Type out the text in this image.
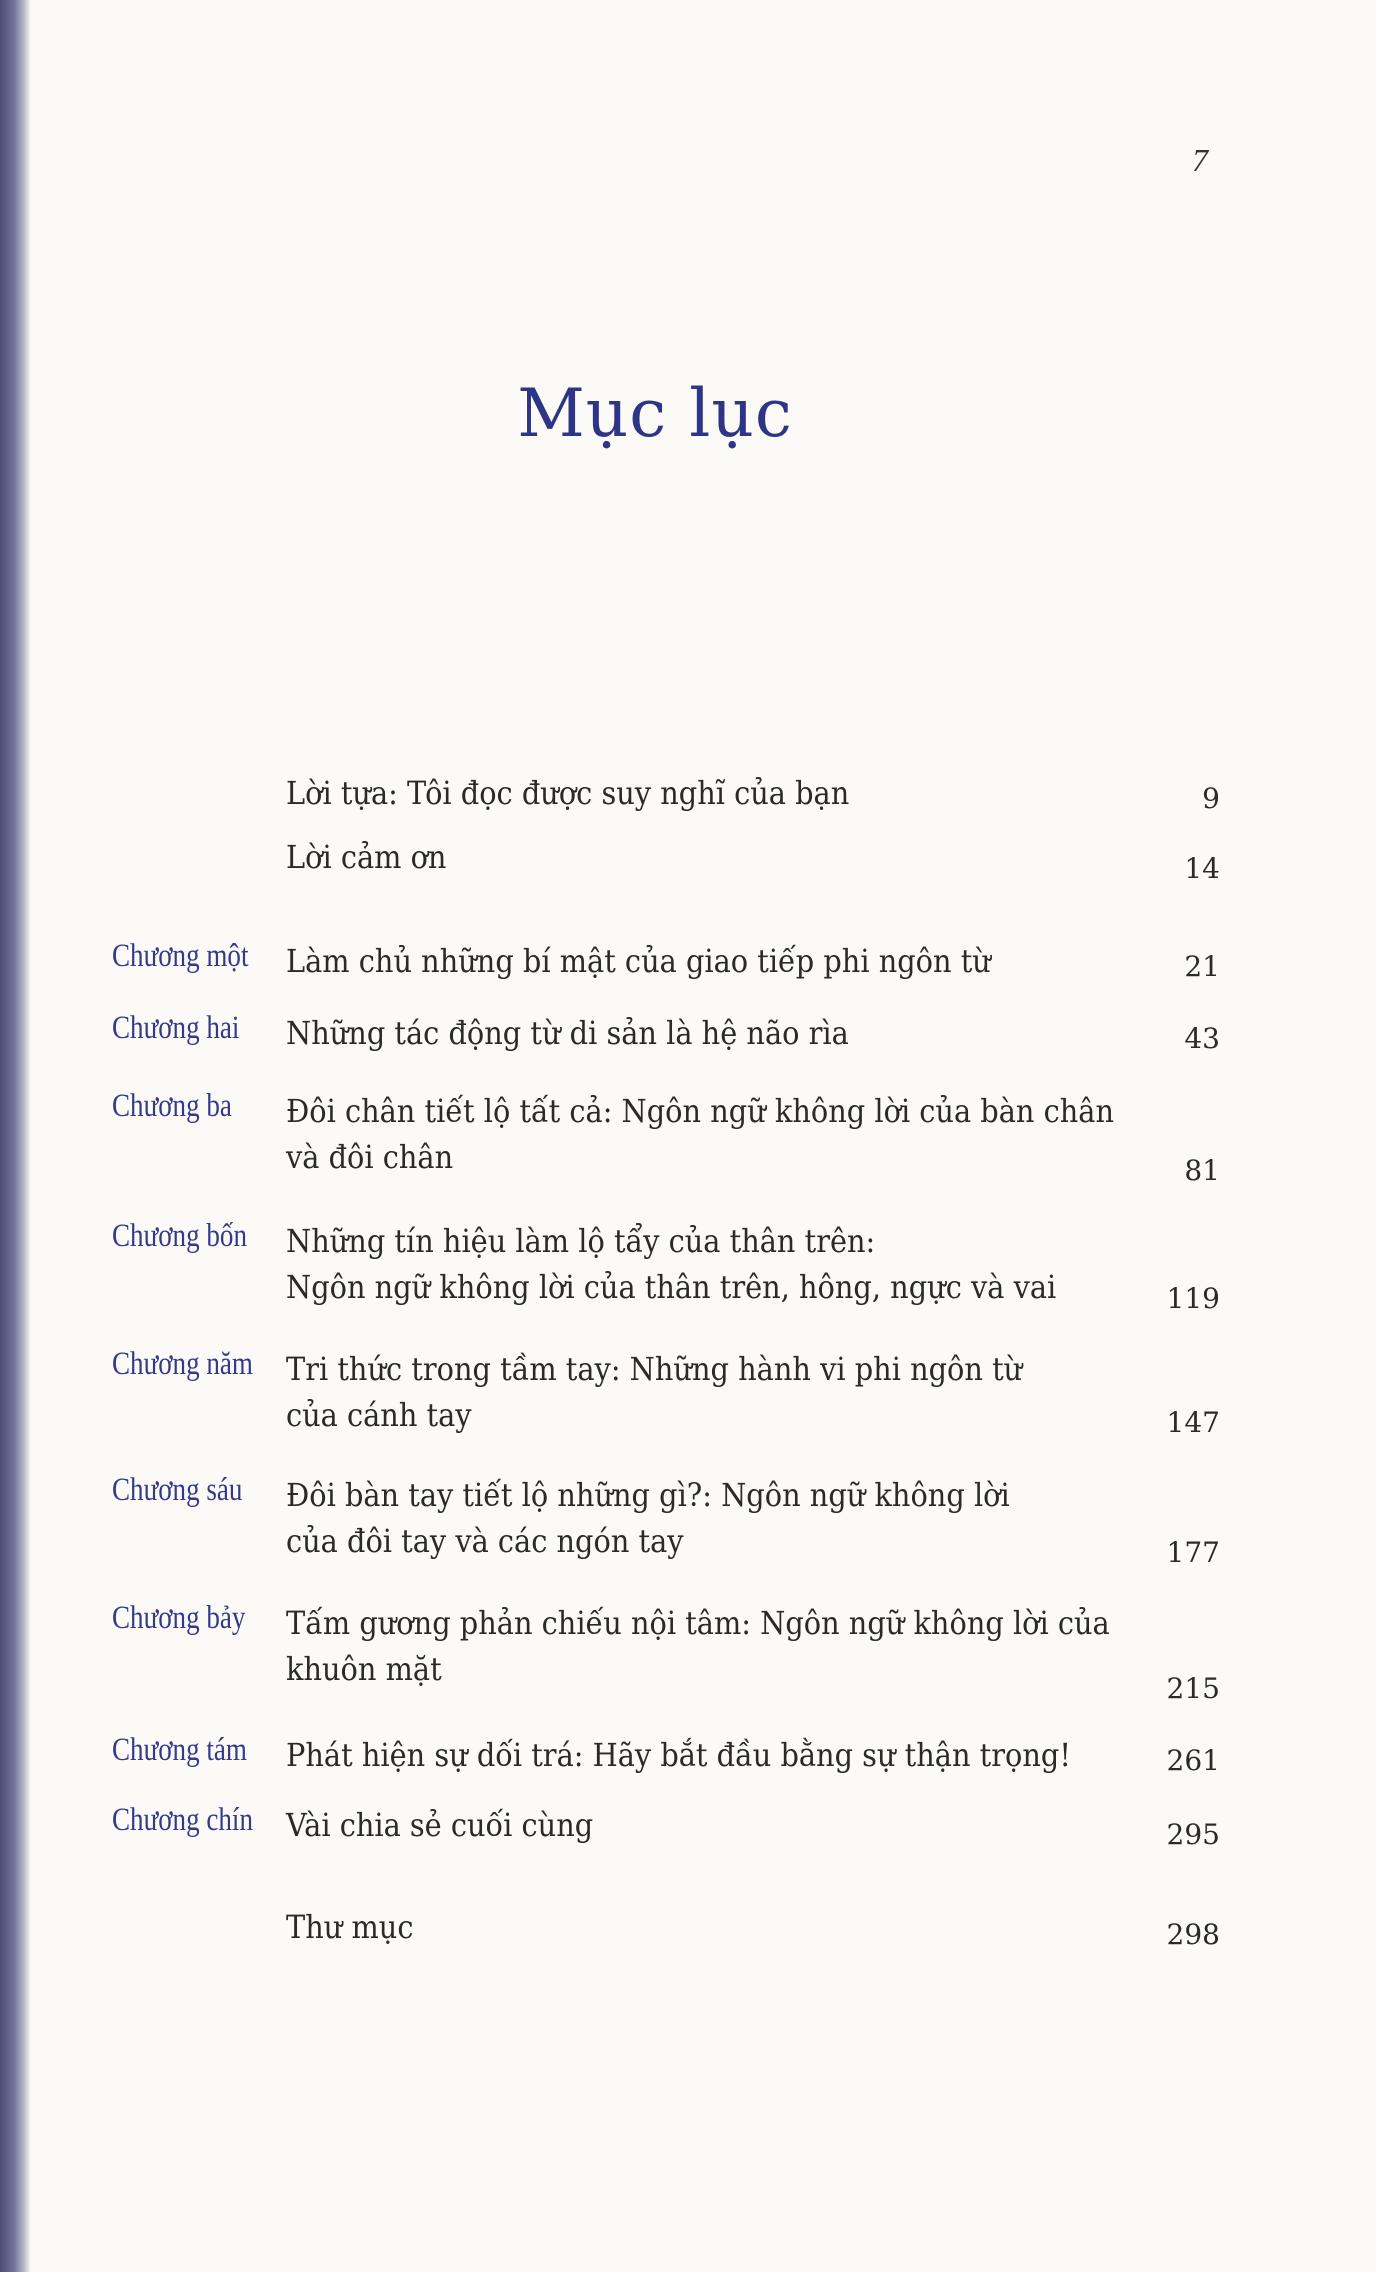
7
Mục lục
Lời tựa: Tôi đọc được suy nghĩ của bạn	9
Lời cảm ơn	14
Chương một Làm chủ những bí mật của giao tiếp phi ngôn từ	21
Chương hai Những tác động từ di sản là hệ não rìa	43
Chương ba Đôi chân tiết lộ tất cả: Ngôn ngữ không lời của bàn chân
và đôi chân	81
Chương bốn Những tín hiệu làm lộ tẩy của thân trên:
Ngôn ngữ không lời của thân trên, hông, ngực và vai	119
Chương năm Tri thức trong tầm tay: Những hành vi phi ngôn từ
của cánh tay	147
Chương sáu Đôi bàn tay tiết lộ những gì?: Ngôn ngữ không lời
của đôi tay và các ngón tay	177
Chương bảy Tấm gương phản chiếu nội tâm: Ngôn ngữ không lời của
khuôn mặt
215
Chương tám Phát hiện sự dối trá: Hãy bắt đầu bằng sự thận trọng!	261
Chương chín Vài chia sẻ cuối cùng	295
Thư mục	298
